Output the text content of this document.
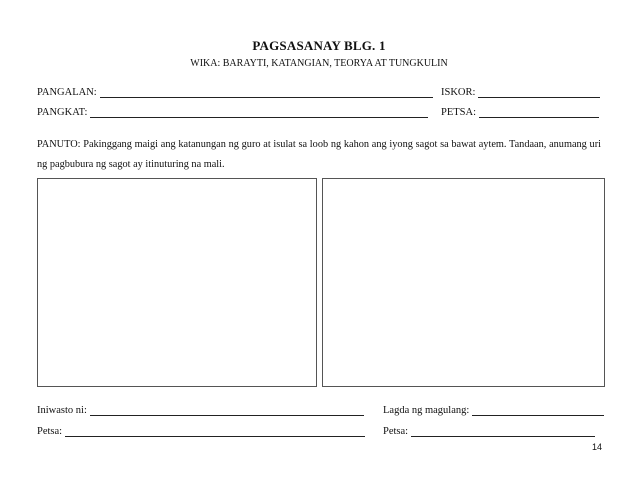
PAGSASANAY BLG. 1
WIKA: BARAYTI, KATANGIAN, TEORYA AT TUNGKULIN
PANGALAN:	ISKOR:
PANGKAT:	PETSA:
PANUTO: Pakinggang maigi ang katanungan ng guro at isulat sa loob ng kahon ang iyong sagot sa bawat aytem. Tandaan, anumang uri ng pagbubura ng sagot ay itinuturing na mali.
Iniwasto ni:	Lagda ng magulang:
Petsa:	Petsa:
14
